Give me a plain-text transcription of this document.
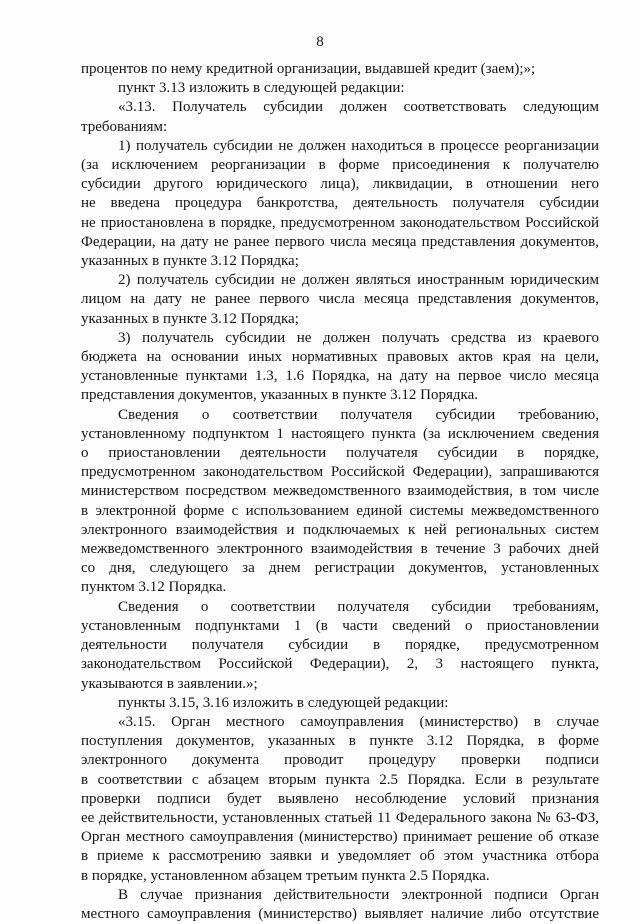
8

процентов по нему кредитной организации, выдавшей кредит (заем);»;

пункт 3.13 изложить в следующей редакции:

«3.13. Получатель субсидии должен соответствовать следующим

требованиям:

1) получатель субсидии не должен находиться в процессе реорганизации

(за исключением реорганизации в форме присоединения к получателю

субсидии другого юридического лица), ликвидации, в отношении него

не введена процедура банкротства, деятельность получателя субсидии

не приостановлена в порядке, предусмотренном законодательством Российской

Федерации, на дату не ранее первого числа месяца представления документов,

указанных в пункте 3.12 Порядка;

2) получатель субсидии не должен являться иностранным юридическим

лицом на дату не ранее первого числа месяца представления документов,

указанных в пункте 3.12 Порядка;

3) получатель субсидии не должен получать средства из краевого

бюджета на основании иных нормативных правовых актов края на цели,

установленные пунктами 1.3, 1.6 Порядка, на дату на первое число месяца

представления документов, указанных в пункте 3.12 Порядка.

Сведения о соответствии получателя субсидии требованию,

установленному подпунктом 1 настоящего пункта (за исключением сведения

о приостановлении деятельности получателя субсидии в порядке,

предусмотренном законодательством Российской Федерации), запрашиваются

министерством посредством межведомственного взаимодействия, в том числе

в электронной форме с использованием единой системы межведомственного

электронного взаимодействия и подключаемых к ней региональных систем

межведомственного электронного взаимодействия в течение 3 рабочих дней

со дня, следующего за днем регистрации документов, установленных

пунктом 3.12 Порядка.

Сведения о соответствии получателя субсидии требованиям,

установленным подпунктами 1 (в части сведений о приостановлении

деятельности получателя субсидии в порядке, предусмотренном

законодательством Российской Федерации), 2, 3 настоящего пункта,

указываются в заявлении.»;

пункты 3.15, 3.16 изложить в следующей редакции:

«3.15. Орган местного самоуправления (министерство) в случае

поступления документов, указанных в пункте 3.12 Порядка, в форме

электронного документа проводит процедуру проверки подписи

в соответствии с абзацем вторым пункта 2.5 Порядка. Если в результате

проверки подписи будет выявлено несоблюдение условий признания

ее действительности, установленных статьей 11 Федерального закона № 63-ФЗ,

Орган местного самоуправления (министерство) принимает решение об отказе

в приеме к рассмотрению заявки и уведомляет об этом участника отбора

в порядке, установленном абзацем третьим пункта 2.5 Порядка.

В случае признания действительности электронной подписи Орган

местного самоуправления (министерство) выявляет наличие либо отсутствие
